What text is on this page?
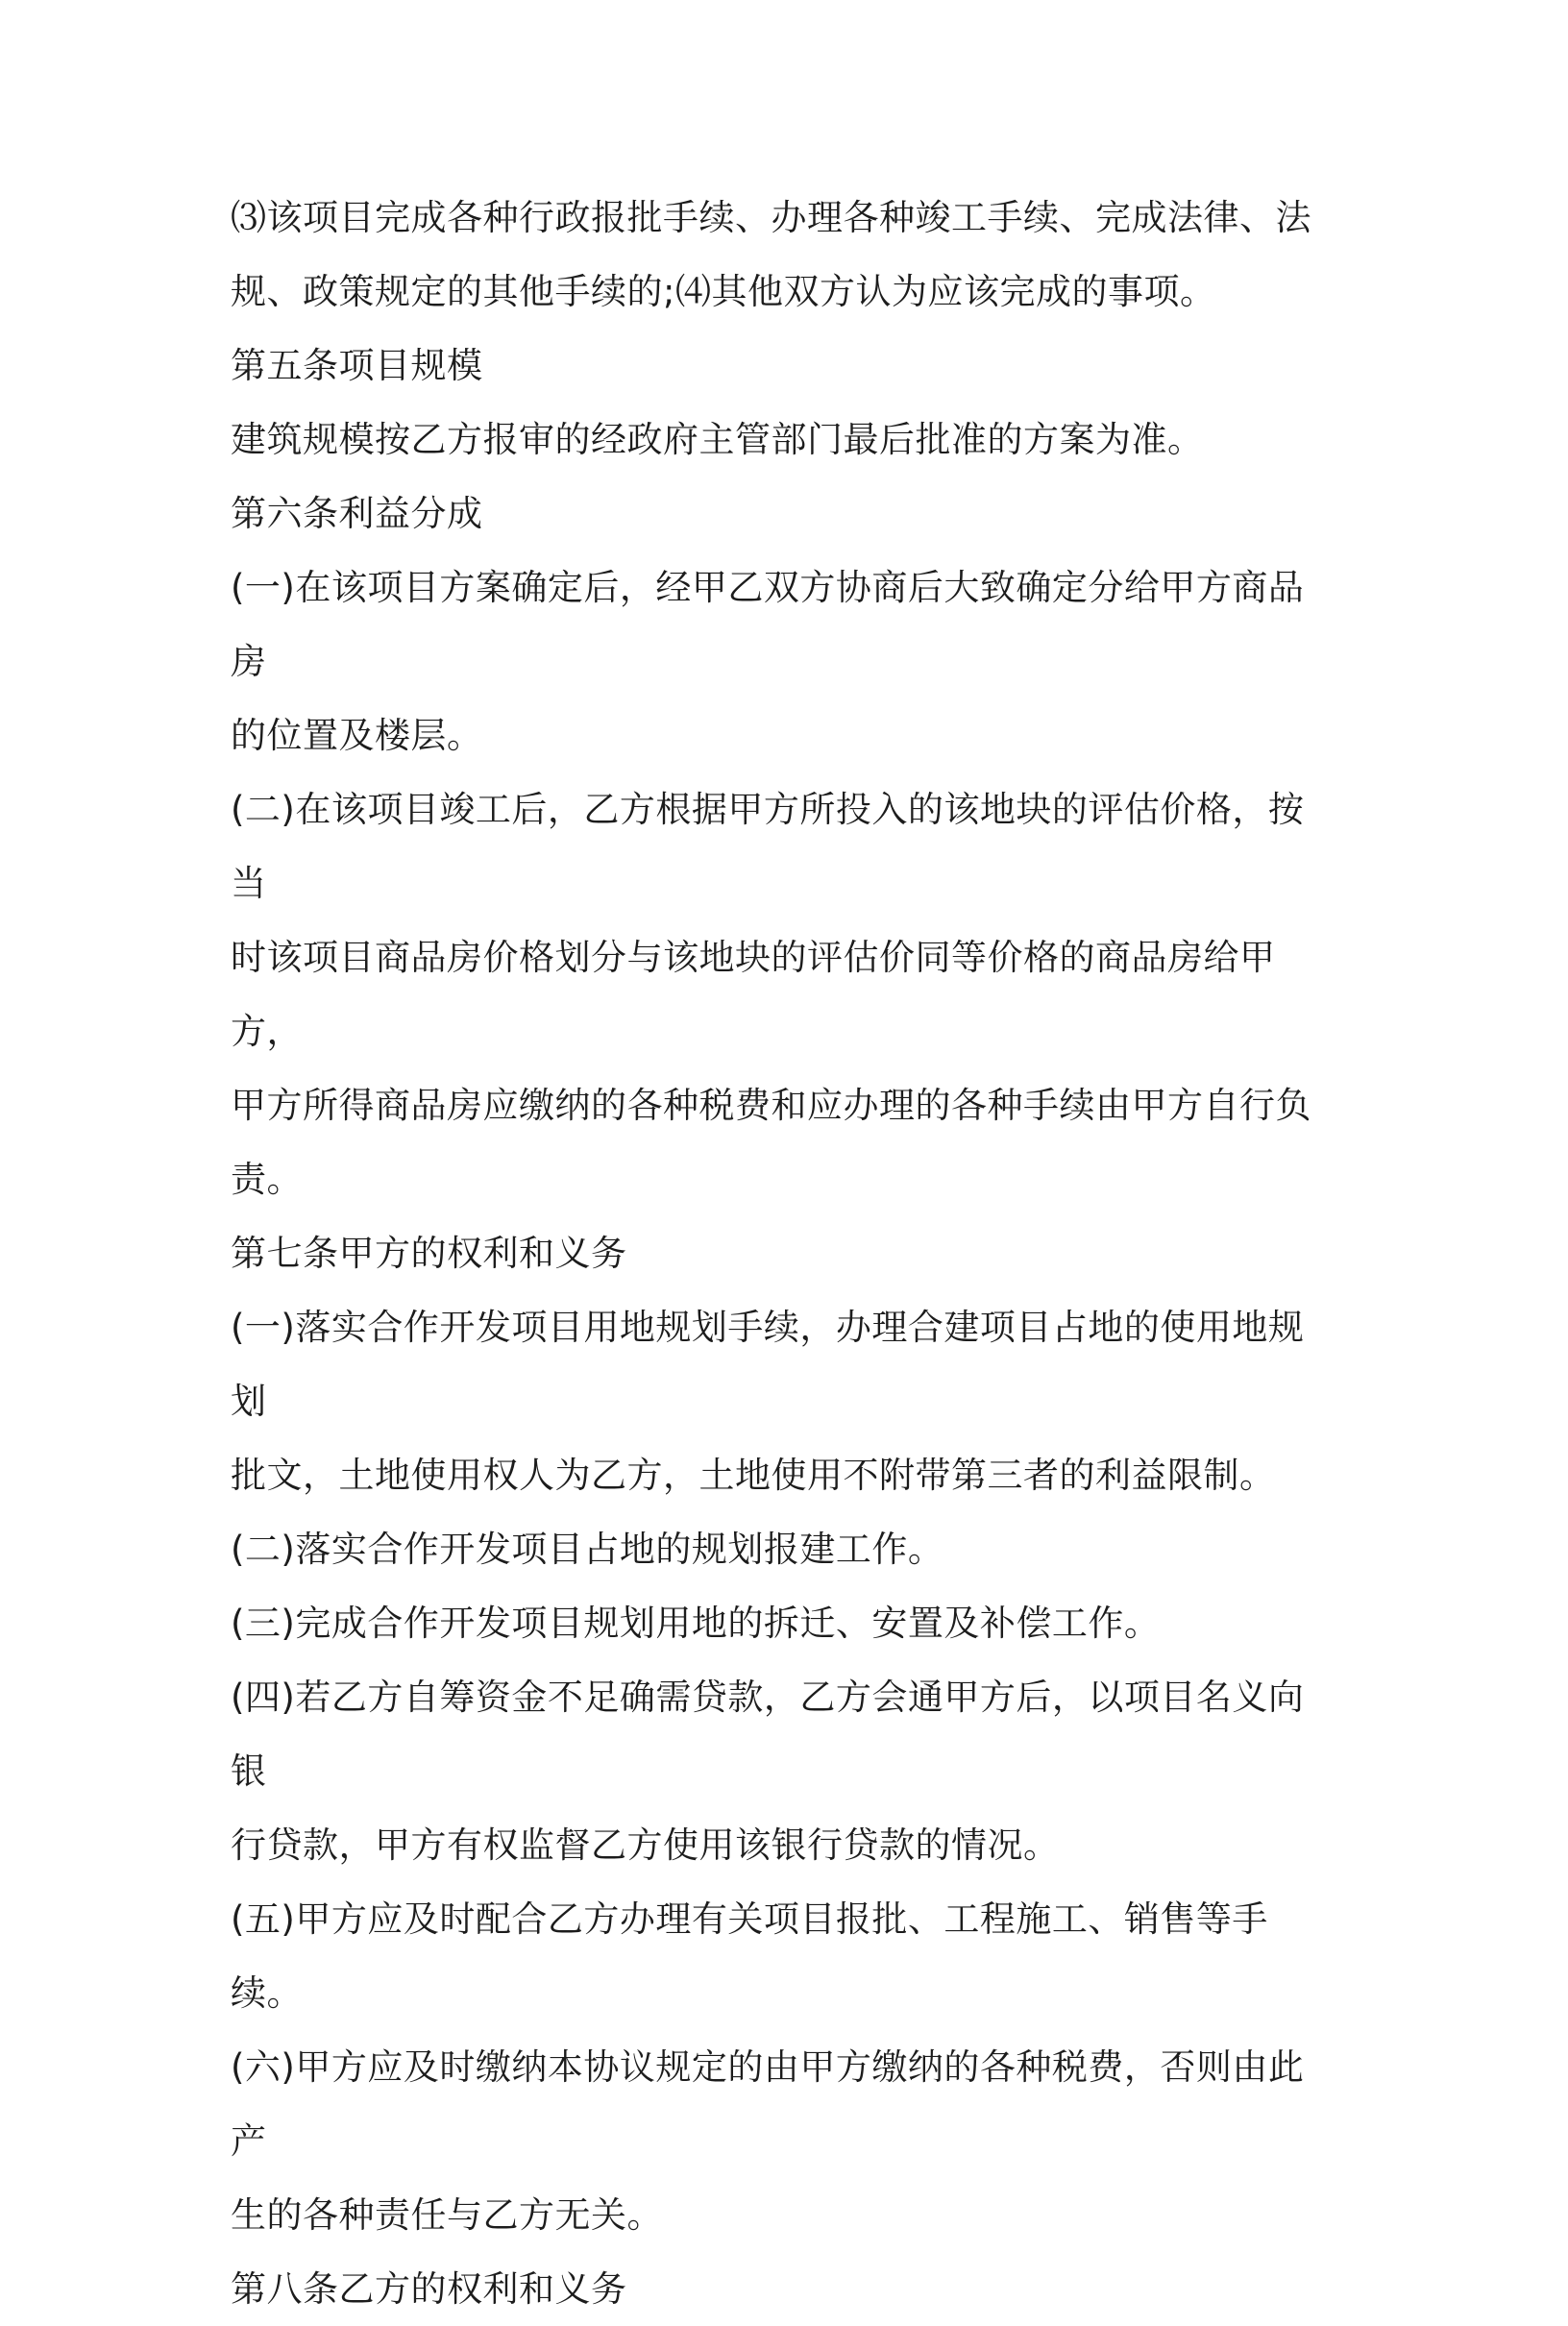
⑶该项目完成各种行政报批手续、办理各种竣工手续、完成法律、法

规、政策规定的其他手续的;⑷其他双方认为应该完成的事项。

第五条项目规模

建筑规模按乙方报审的经政府主管部门最后批准的方案为准。

第六条利益分成

(一)在该项目方案确定后，经甲乙双方协商后大致确定分给甲方商品房

的位置及楼层。

(二)在该项目竣工后，乙方根据甲方所投入的该地块的评估价格，按当

时该项目商品房价格划分与该地块的评估价同等价格的商品房给甲方，

甲方所得商品房应缴纳的各种税费和应办理的各种手续由甲方自行负

责。

第七条甲方的权利和义务

(一)落实合作开发项目用地规划手续，办理合建项目占地的使用地规划

批文，土地使用权人为乙方，土地使用不附带第三者的利益限制。

(二)落实合作开发项目占地的规划报建工作。

(三)完成合作开发项目规划用地的拆迁、安置及补偿工作。

(四)若乙方自筹资金不足确需贷款，乙方会通甲方后，以项目名义向银

行贷款，甲方有权监督乙方使用该银行贷款的情况。

(五)甲方应及时配合乙方办理有关项目报批、工程施工、销售等手续。

(六)甲方应及时缴纳本协议规定的由甲方缴纳的各种税费，否则由此产

生的各种责任与乙方无关。

第八条乙方的权利和义务
